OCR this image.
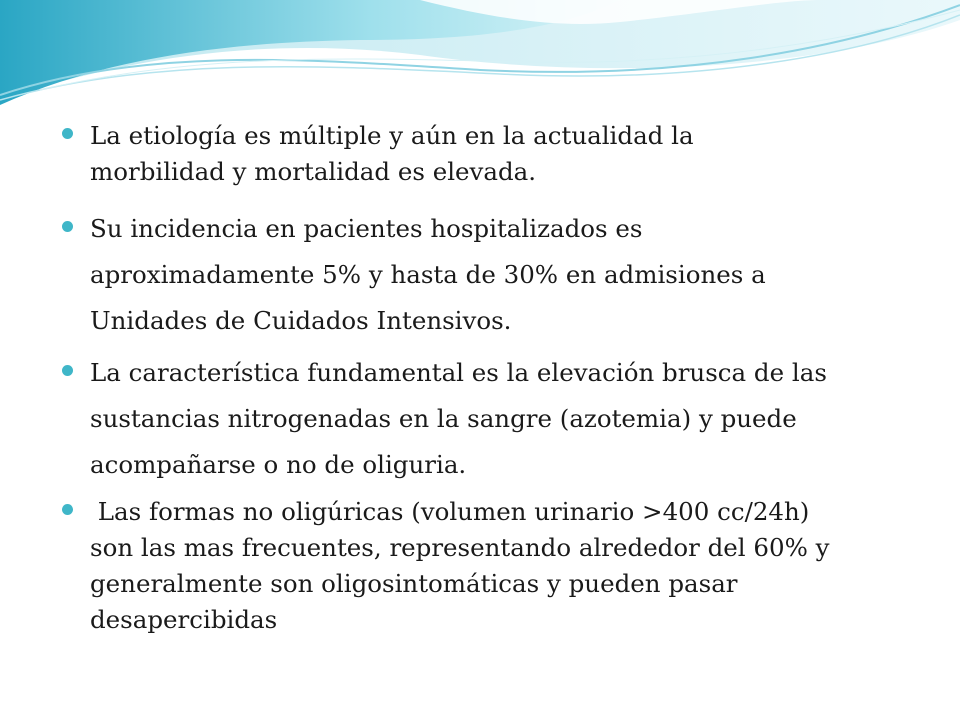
La etiología es múltiple y aún en la actualidad la
morbilidad y mortalidad es elevada.
Su incidencia en pacientes hospitalizados es
aproximadamente 5% y hasta de 30% en admisiones a
Unidades de Cuidados Intensivos.
La característica fundamental es la elevación brusca de las
sustancias nitrogenadas en la sangre (azotemia) y puede
acompañarse o no de oliguria.
Las formas no oligúricas (volumen urinario >400 cc/24h)
son las mas frecuentes, representando alrededor del 60% y
generalmente son oligosintomáticas y pueden pasar
desapercibidas
